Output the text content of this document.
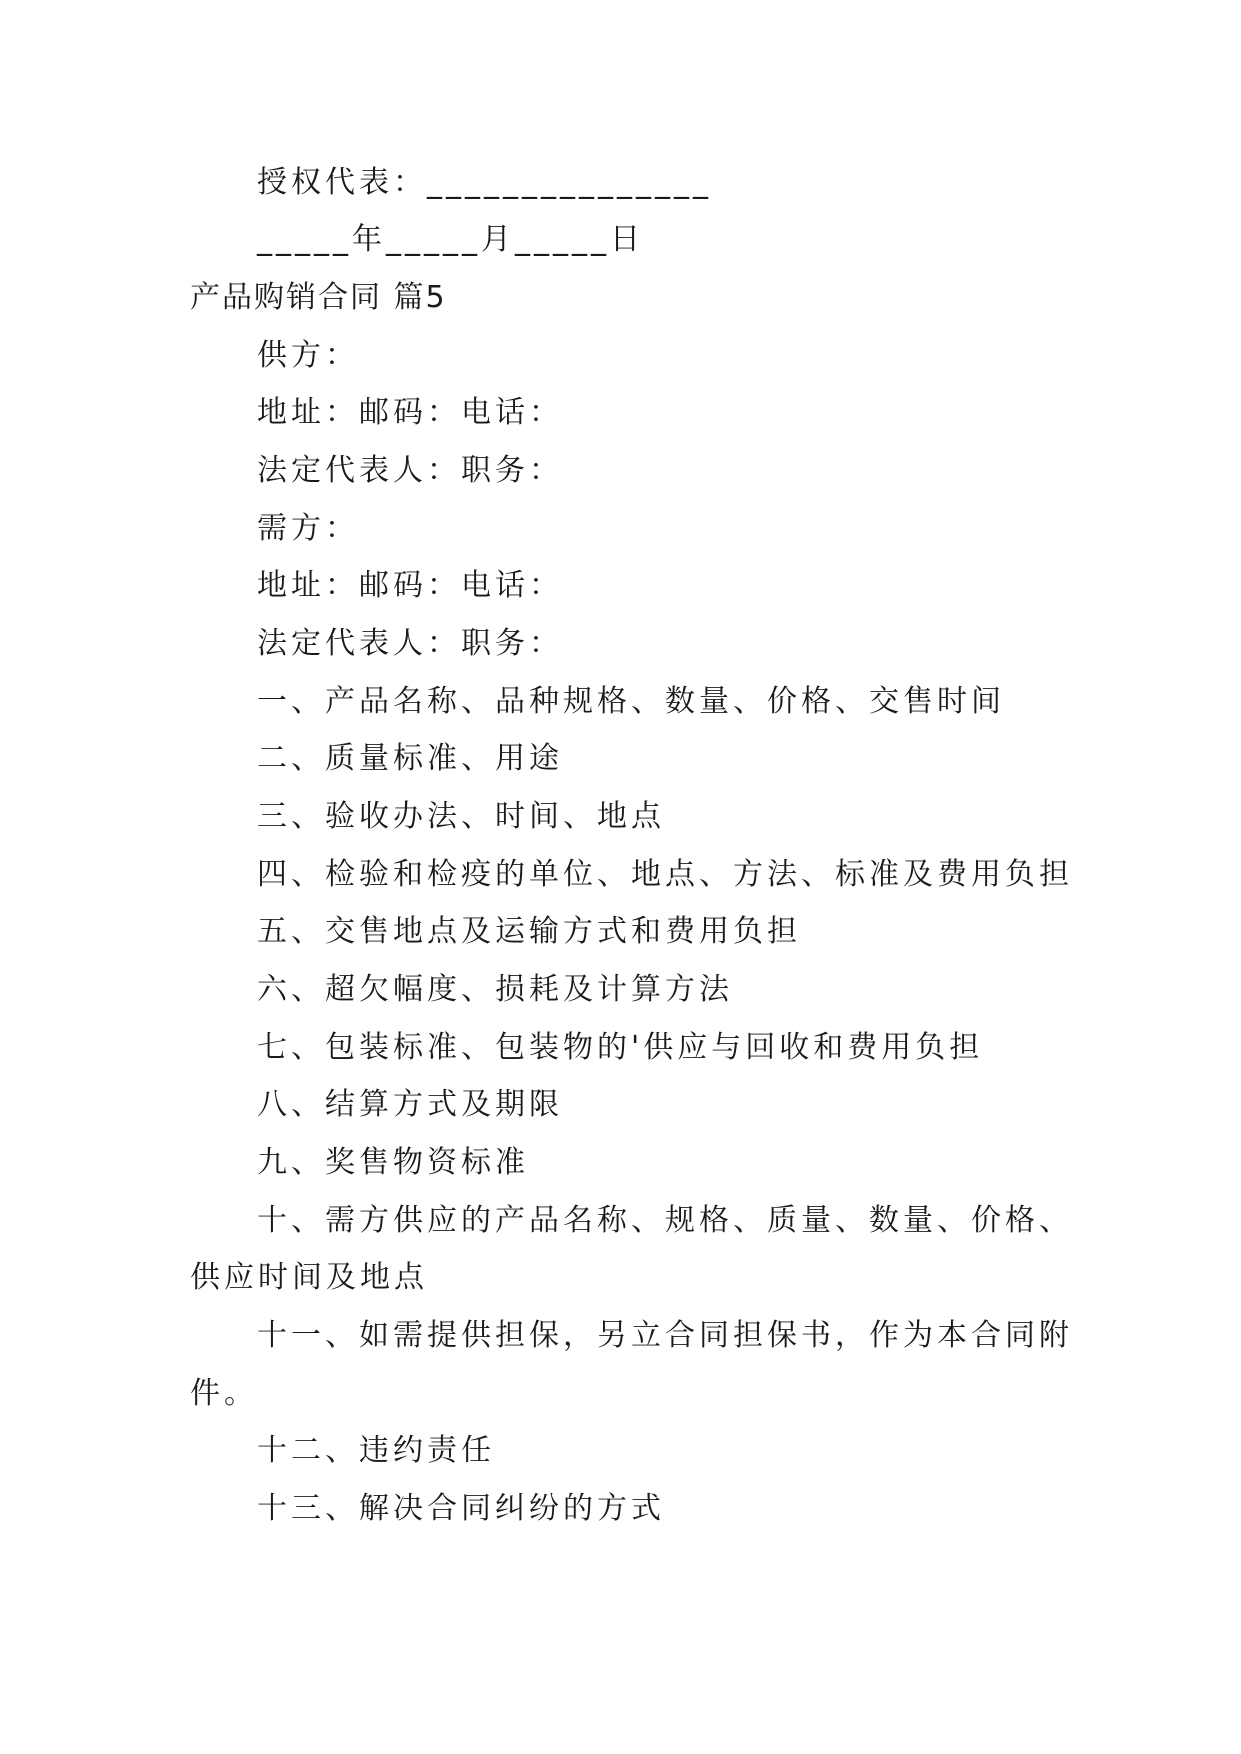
授权代表：_______________
_____年_____月_____日
产品购销合同 篇5
供方：
地址：邮码：电话：
法定代表人：职务：
需方：
地址：邮码：电话：
法定代表人：职务：
一、产品名称、品种规格、数量、价格、交售时间
二、质量标准、用途
三、验收办法、时间、地点
四、检验和检疫的单位、地点、方法、标准及费用负担
五、交售地点及运输方式和费用负担
六、超欠幅度、损耗及计算方法
七、包装标准、包装物的'供应与回收和费用负担
八、结算方式及期限
九、奖售物资标准
十、需方供应的产品名称、规格、质量、数量、价格、
供应时间及地点
十一、如需提供担保，另立合同担保书，作为本合同附
件。
十二、违约责任
十三、解决合同纠纷的方式
